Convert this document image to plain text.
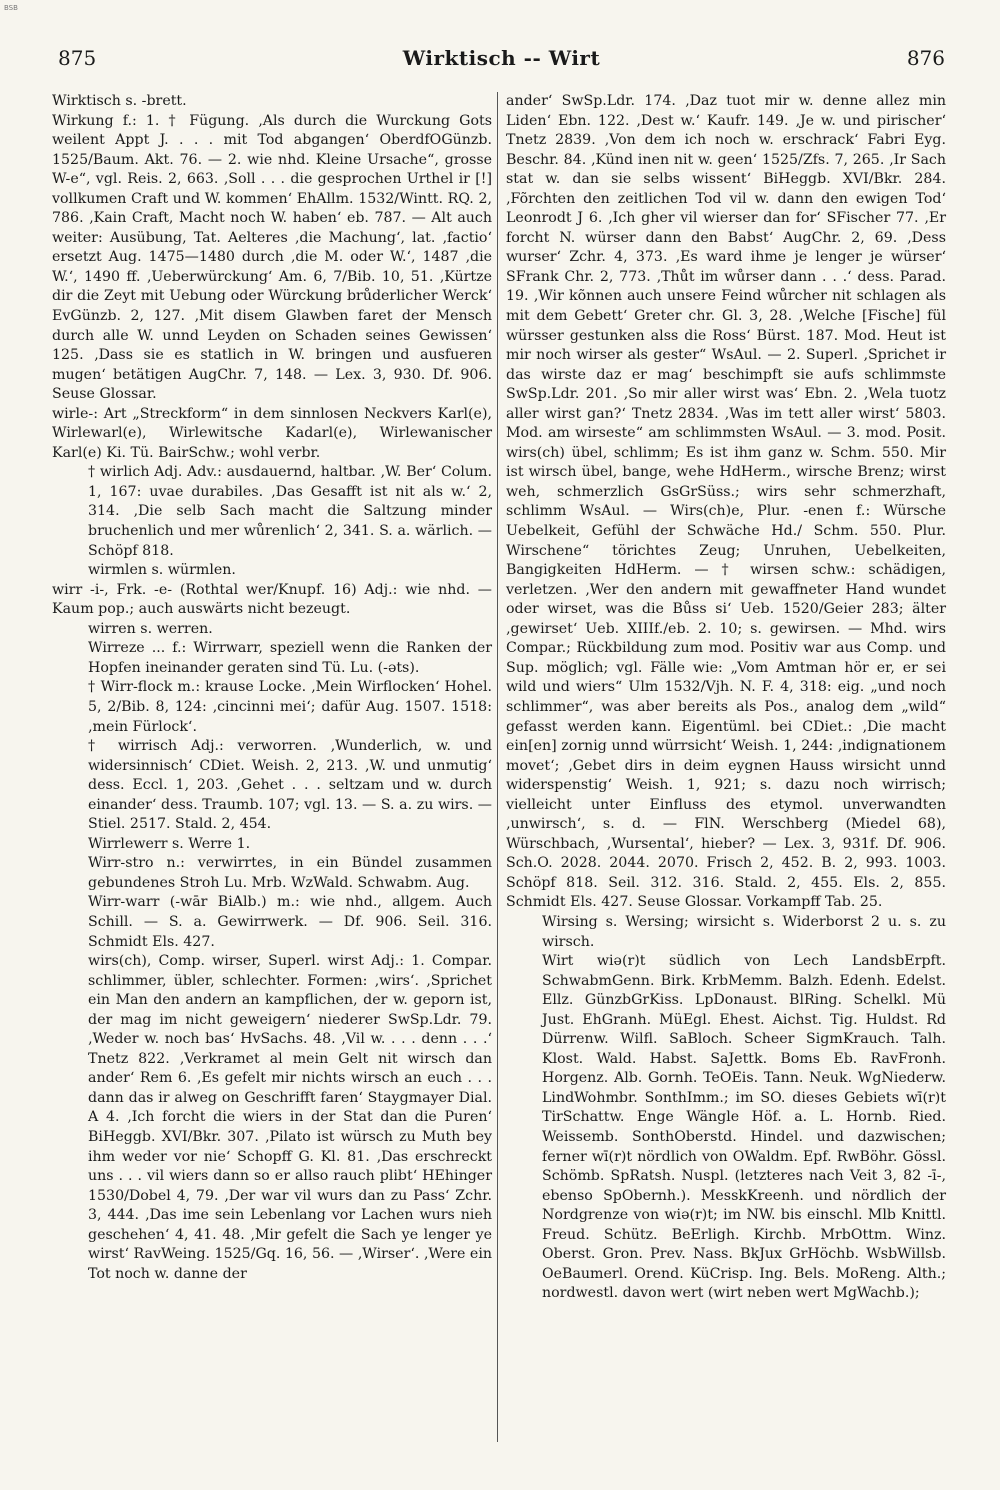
BSB
875	Wirktisch -- Wirt	876

Wirktisch s. -brett.

Wirkung f.: 1. † Fügung. ‚Als durch die Wurckung Gots weilent Appt J. . . . mit Tod abgangen‘ OberdfOGünzb. 1525/Baum. Akt. 76. — 2. wie nhd. Kleine Ursache“, grosse W-e“, vgl. Reis. 2, 663. ‚Soll . . . die gesprochen Urthel ir [!] vollkumen Craft und W. kommen‘ EhAllm. 1532/Wintt. RQ. 2, 786. ‚Kain Craft, Macht noch W. haben‘ eb. 787. — Alt auch weiter: Ausübung, Tat. Aelteres ‚die Machung‘, lat. ‚factio‘ ersetzt Aug. 1475—1480 durch ‚die M. oder W.‘, 1487 ‚die W.‘, 1490 ff. ‚Ueberwürckung‘ Am. 6, 7/Bib. 10, 51. ‚Kürtze dir die Zeyt mit Uebung oder Würckung brůderlicher Werck‘ EvGünzb. 2, 127. ‚Mit disem Glawben faret der Mensch durch alle W. unnd Leyden on Schaden seines Gewissen‘ 125. ‚Dass sie es statlich in W. bringen und ausfueren mugen‘ betätigen AugChr. 7, 148. — Lex. 3, 930. Df. 906. Seuse Glossar.

wirle-: Art „Streckform“ in dem sinnlosen Neckvers Karl(e), Wirlewarl(e), Wirlewitsche Kadarl(e), Wirlewanischer Karl(e) Ki. Tü. BairSchw.; wohl verbr.

† wirlich Adj. Adv.: ausdauernd, haltbar. ‚W. Ber‘ Colum. 1, 167: uvae durabiles. ‚Das Gesafft ist nit als w.‘ 2, 314. ‚Die selb Sach macht die Saltzung minder bruchenlich und mer wůrenlich‘ 2, 341. S. a. wärlich. — Schöpf 818.

wirmlen s. würmlen.

wirr -i-, Frk. -e- (Rothtal wer/Knupf. 16) Adj.: wie nhd. — Kaum pop.; auch auswärts nicht bezeugt.

wirren s. werren.

Wirreze ... f.: Wirrwarr, speziell wenn die Ranken der Hopfen ineinander geraten sind Tü. Lu. (-əts).

† Wirr-flock m.: krause Locke. ‚Mein Wirflocken‘ Hohel. 5, 2/Bib. 8, 124: ‚cincinni mei‘; dafür Aug. 1507. 1518: ‚mein Fürlock‘.

† wirrisch Adj.: verworren. ‚Wunderlich, w. und widersinnisch‘ CDiet. Weish. 2, 213. ‚W. und unmutig‘ dess. Eccl. 1, 203. ‚Gehet . . . seltzam und w. durch einander‘ dess. Traumb. 107; vgl. 13. — S. a. zu wirs. — Stiel. 2517. Stald. 2, 454.

Wirrlewerr s. Werre 1.

Wirr-stro n.: verwirrtes, in ein Bündel zusammen gebundenes Stroh Lu. Mrb. WzWald. Schwabm. Aug.

Wirr-warr (-wār BiAlb.) m.: wie nhd., allgem. Auch Schill. — S. a. Gewirrwerk. — Df. 906. Seil. 316. Schmidt Els. 427.

wirs(ch), Comp. wirser, Superl. wirst Adj.: 1. Compar. schlimmer, übler, schlechter. Formen: ‚wirs‘. ‚Sprichet ein Man den andern an kampflichen, der w. geporn ist, der mag im nicht geweigern‘ niederer SwSp.Ldr. 79. ‚Weder w. noch bas‘ HvSachs. 48. ‚Vil w. . . . denn . . .‘ Tnetz 822. ‚Verkramet al mein Gelt nit wirsch dan ander‘ Rem 6. ‚Es gefelt mir nichts wirsch an euch . . . dann das ir alweg on Geschrifft faren‘ Staygmayer Dial. A 4. ‚Ich forcht die wiers in der Stat dan die Puren‘ BiHeggb. XVI/Bkr. 307. ‚Pilato ist würsch zu Muth bey ihm weder vor nie‘ Schopff G. Kl. 81. ‚Das erschreckt uns . . . vil wiers dann so er allso rauch plibt‘ HEhinger 1530/Dobel 4, 79. ‚Der war vil wurs dan zu Pass‘ Zchr. 3, 444. ‚Das ime sein Lebenlang vor Lachen wurs nieh geschehen‘ 4, 41. 48. ‚Mir gefelt die Sach ye lenger ye wirst‘ RavWeing. 1525/Gq. 16, 56. — ‚Wirser‘. ‚Were ein Tot noch w. danne der

ander‘ SwSp.Ldr. 174. ‚Daz tuot mir w. denne allez min Liden‘ Ebn. 122. ‚Dest w.‘ Kaufr. 149. ‚Je w. und pirischer‘ Tnetz 2839. ‚Von dem ich noch w. erschrack‘ Fabri Eyg. Beschr. 84. ‚Künd inen nit w. geen‘ 1525/Zfs. 7, 265. ‚Ir Sach stat w. dan sie selbs wissent‘ BiHeggb. XVI/Bkr. 284. ‚Fõrchten den zeitlichen Tod vil w. dann den ewigen Tod‘ Leonrodt J 6. ‚Ich gher vil wierser dan for‘ SFischer 77. ‚Er forcht N. würser dann den Babst‘ AugChr. 2, 69. ‚Dess wurser‘ Zchr. 4, 373. ‚Es ward ihme je lenger je würser‘ SFrank Chr. 2, 773. ‚Thůt im wůrser dann . . .‘ dess. Parad. 19. ‚Wir kõnnen auch unsere Feind wůrcher nit schlagen als mit dem Gebett‘ Greter chr. Gl. 3, 28. ‚Welche [Fische] fül würsser gestunken alss die Ross‘ Bürst. 187. Mod. Heut ist mir noch wirser als gester“ WsAul. — 2. Superl. ‚Sprichet ir das wirste daz er mag‘ beschimpft sie aufs schlimmste SwSp.Ldr. 201. ‚So mir aller wirst was‘ Ebn. 2. ‚Wela tuotz aller wirst gan?‘ Tnetz 2834. ‚Was im tett aller wirst‘ 5803. Mod. am wirseste“ am schlimmsten WsAul. — 3. mod. Posit. wirs(ch) übel, schlimm; Es ist ihm ganz w. Schm. 550. Mir ist wirsch übel, bange, wehe HdHerm., wirsche Brenz; wirst weh, schmerzlich GsGrSüss.; wirs sehr schmerzhaft, schlimm WsAul. — Wirs(ch)e, Plur. -enen f.: Würsche Uebelkeit, Gefühl der Schwäche Hd./ Schm. 550. Plur. Wirschene“ törichtes Zeug; Unruhen, Uebelkeiten, Bangigkeiten HdHerm. — † wirsen schw.: schädigen, verletzen. ‚Wer den andern mit gewaffneter Hand wundet oder wirset, was die Bůss si‘ Ueb. 1520/Geier 283; älter ‚gewirset‘ Ueb. XIIIf./eb. 2. 10; s. gewirsen. — Mhd. wirs Compar.; Rückbildung zum mod. Positiv war aus Comp. und Sup. möglich; vgl. Fälle wie: „Vom Amtman hör er, er sei wild und wiers“ Ulm 1532/Vjh. N. F. 4, 318: eig. „und noch schlimmer“, was aber bereits als Pos., analog dem „wild“ gefasst werden kann. Eigentüml. bei CDiet.: ‚Die macht ein[en] zornig unnd würrsicht‘ Weish. 1, 244: ‚indignationem movet‘; ‚Gebet dirs in deim eygnen Hauss wirsicht unnd widerspenstig‘ Weish. 1, 921; s. dazu noch wirrisch; vielleicht unter Einfluss des etymol. unverwandten ‚unwirsch‘, s. d. — FlN. Werschberg (Miedel 68), Würschbach, ‚Wursental‘, hieber? — Lex. 3, 931f. Df. 906. Sch.O. 2028. 2044. 2070. Frisch 2, 452. B. 2, 993. 1003. Schöpf 818. Seil. 312. 316. Stald. 2, 455. Els. 2, 855. Schmidt Els. 427. Seuse Glossar. Vorkampff Tab. 25.

Wirsing s. Wersing; wirsicht s. Widerborst 2 u. s. zu wirsch.

Wirt wiə(r)t südlich von Lech LandsbErpft. SchwabmGenn. Birk. KrbMemm. Balzh. Edenh. Edelst. Ellz. GünzbGrKiss. LpDonaust. BlRing. Schelkl. Mü Just. EhGranh. MüEgl. Ehest. Aichst. Tig. Huldst. Rd Dürrenw. Wilfl. SaBloch. Scheer SigmKrauch. Talh. Klost. Wald. Habst. SaJettk. Boms Eb. RavFronh. Horgenz. Alb. Gornh. TeOEis. Tann. Neuk. WgNiederw. LindWohmbr. SonthImm.; im SO. dieses Gebiets wī(r)t TirSchattw. Enge Wängle Höf. a. L. Hornb. Ried. Weissemb. SonthOberstd. Hindel. und dazwischen; ferner wī(r)t nördlich von OWaldm. Epf. RwBöhr. Gössl. Schömb. SpRatsh. Nuspl. (letzteres nach Veit 3, 82 -ī-, ebenso SpObernh.). MesskKreenh. und nördlich der Nordgrenze von wiə(r)t; im NW. bis einschl. Mlb Knittl. Freud. Schütz. BeErligh. Kirchb. MrbOttm. Winz. Oberst. Gron. Prev. Nass. BkJux GrHöchb. WsbWillsb. OeBaumerl. Orend. KüCrisp. Ing. Bels. MoReng. Alth.; nordwestl. davon wert (wirt neben wert MgWachb.);
